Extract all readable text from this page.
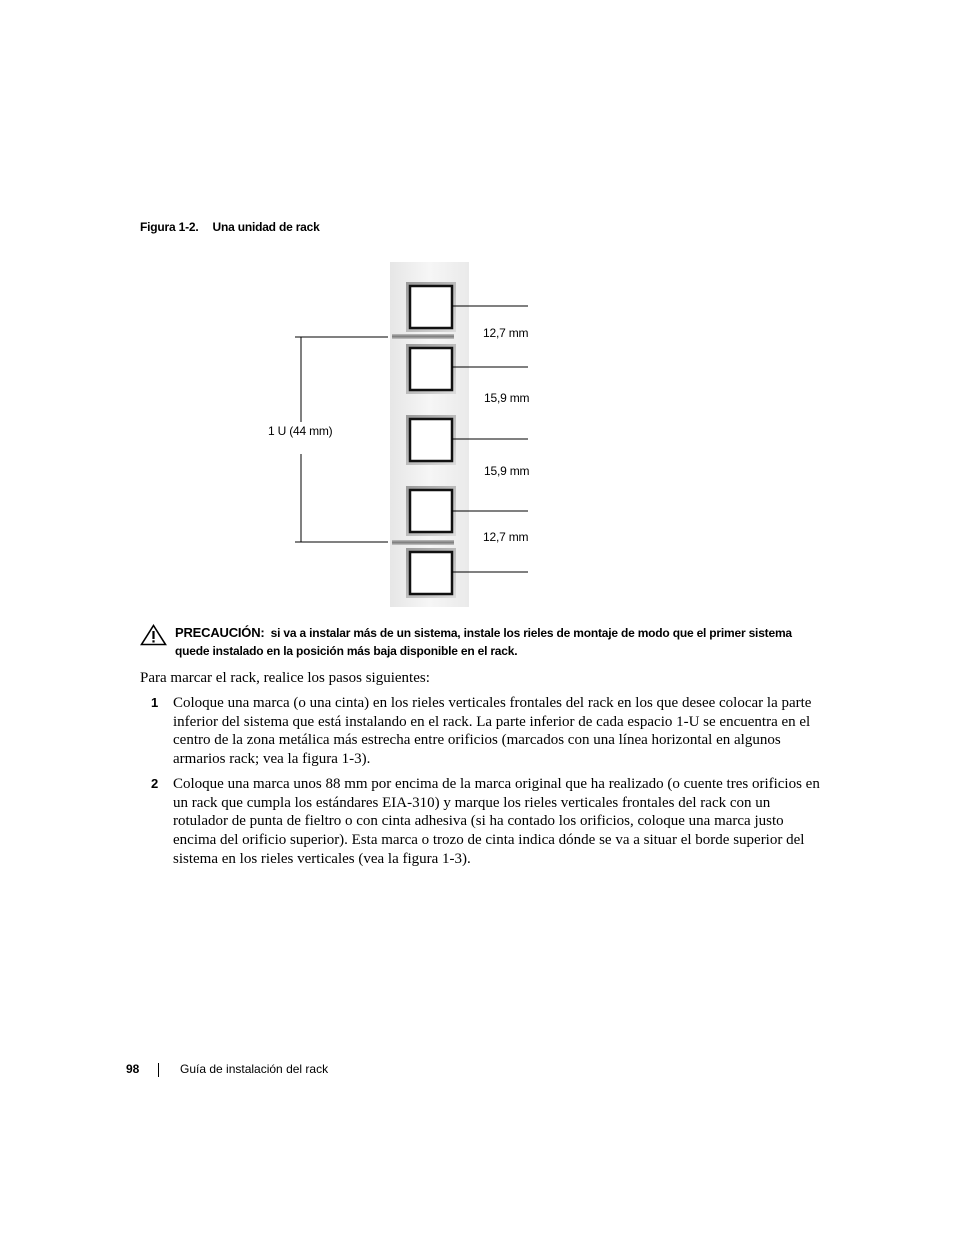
Figura 1-2. Una unidad de rack
1 U (44 mm)
12,7 mm
15,9 mm
15,9 mm
12,7 mm
PRECAUCIÓN: si va a instalar más de un sistema, instale los rieles de montaje de modo que el primer sistema quede instalado en la posición más baja disponible en el rack.
Para marcar el rack, realice los pasos siguientes:
1 Coloque una marca (o una cinta) en los rieles verticales frontales del rack en los que desee colocar la parte inferior del sistema que está instalando en el rack. La parte inferior de cada espacio 1-U se encuentra en el centro de la zona metálica más estrecha entre orificios (marcados con una línea horizontal en algunos armarios rack; vea la figura 1-3).
2 Coloque una marca unos 88 mm por encima de la marca original que ha realizado (o cuente tres orificios en un rack que cumpla los estándares EIA-310) y marque los rieles verticales frontales del rack con un rotulador de punta de fieltro o con cinta adhesiva (si ha contado los orificios, coloque una marca justo encima del orificio superior). Esta marca o trozo de cinta indica dónde se va a situar el borde superior del sistema en los rieles verticales (vea la figura 1-3).
98	Guía de instalación del rack
